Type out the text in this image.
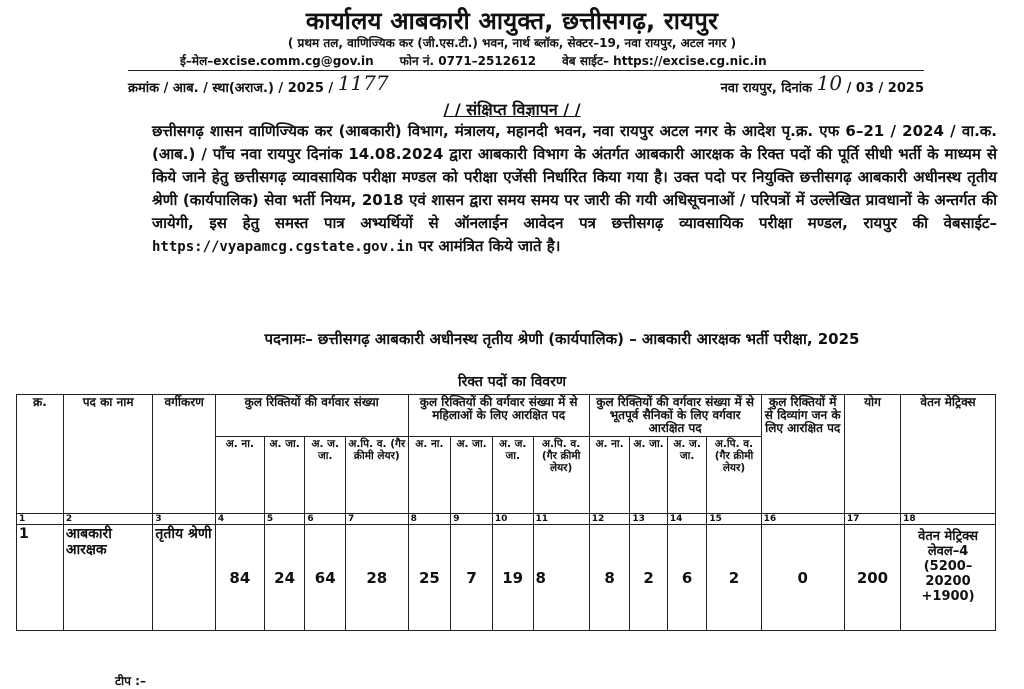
कार्यालय आबकारी आयुक्त, छत्तीसगढ़, रायपुर
( प्रथम तल, वाणिज्यिक कर (जी.एस.टी.) भवन, नार्थ ब्लॉक, सेक्टर–19, नवा रायपुर, अटल नगर )
ई–मेल–excise.comm.cg@gov.in फोन नं. 0771–2512612 वेब साईट– https://excise.cg.nic.in
क्रमांक / आब. / स्था(अराज.) / 2025 / 1177	नवा रायपुर, दिनांक 10 / 03 / 2025
/ / संक्षिप्त विज्ञापन / /
छत्तीसगढ़ शासन वाणिज्यिक कर (आबकारी) विभाग, मंत्रालय, महानदी भवन, नवा रायपुर अटल नगर के आदेश पृ.क्र. एफ 6–21 / 2024 / वा.क.(आब.) / पाँच नवा रायपुर दिनांक 14.08.2024 द्वारा आबकारी विभाग के अंतर्गत आबकारी आरक्षक के रिक्त पदों की पूर्ति सीधी भर्ती के माध्यम से किये जाने हेतु छत्तीसगढ़ व्यावसायिक परीक्षा मण्डल को परीक्षा एजेंसी निर्धारित किया गया है। उक्त पदो पर नियुक्ति छत्तीसगढ़ आबकारी अधीनस्थ तृतीय श्रेणी (कार्यपालिक) सेवा भर्ती नियम, 2018 एवं शासन द्वारा समय समय पर जारी की गयी अधिसूचनाओं / परिपत्रों में उल्लेखित प्रावधानों के अन्तर्गत की जायेगी, इस हेतु समस्त पात्र अभ्यर्थियों से ऑनलाईन आवेदन पत्र छत्तीसगढ़ व्यावसायिक परीक्षा मण्डल, रायपुर की वेबसाईट– https://vyapamcg.cgstate.gov.in पर आमंत्रित किये जाते है।
पदनामः– छत्तीसगढ़ आबकारी अधीनस्थ तृतीय श्रेणी (कार्यपालिक) – आबकारी आरक्षक भर्ती परीक्षा, 2025
रिक्त पदों का विवरण
क्र.	पद का नाम	वर्गीकरण	कुल रिक्तियों की वर्गवार संख्या				कुल रिक्तियों की वर्गवार संख्या में से महिलाओं के लिए आरक्षित पद				कुल रिक्तियों की वर्गवार संख्या में से भूतपूर्व सैनिकों के लिए वर्गवार आरक्षित पद				कुल रिक्तियों में से दिव्यांग जन के लिए आरक्षित पद	योग	वेतन मेट्रिक्स
			अ. ना.	अ. जा.	अ. ज. जा.	अ.पि. व. (गैर क्रीमी लेयर)	अ. ना.	अ. जा.	अ. ज. जा.	अ.पि. व. (गैर क्रीमी लेयर)	अ. ना.	अ. जा.	अ. ज. जा.	अ.पि. व. (गैर क्रीमी लेयर)			
1	2	3	4	5	6	7	8	9	10	11	12	13	14	15	16	17	18
1	आबकारी आरक्षक	तृतीय श्रेणी	84	24	64	28	25	7	19	8	8	2	6	2	0	200	वेतन मेट्रिक्स लेवल–4 (5200–20200 +1900)
टीप :–
